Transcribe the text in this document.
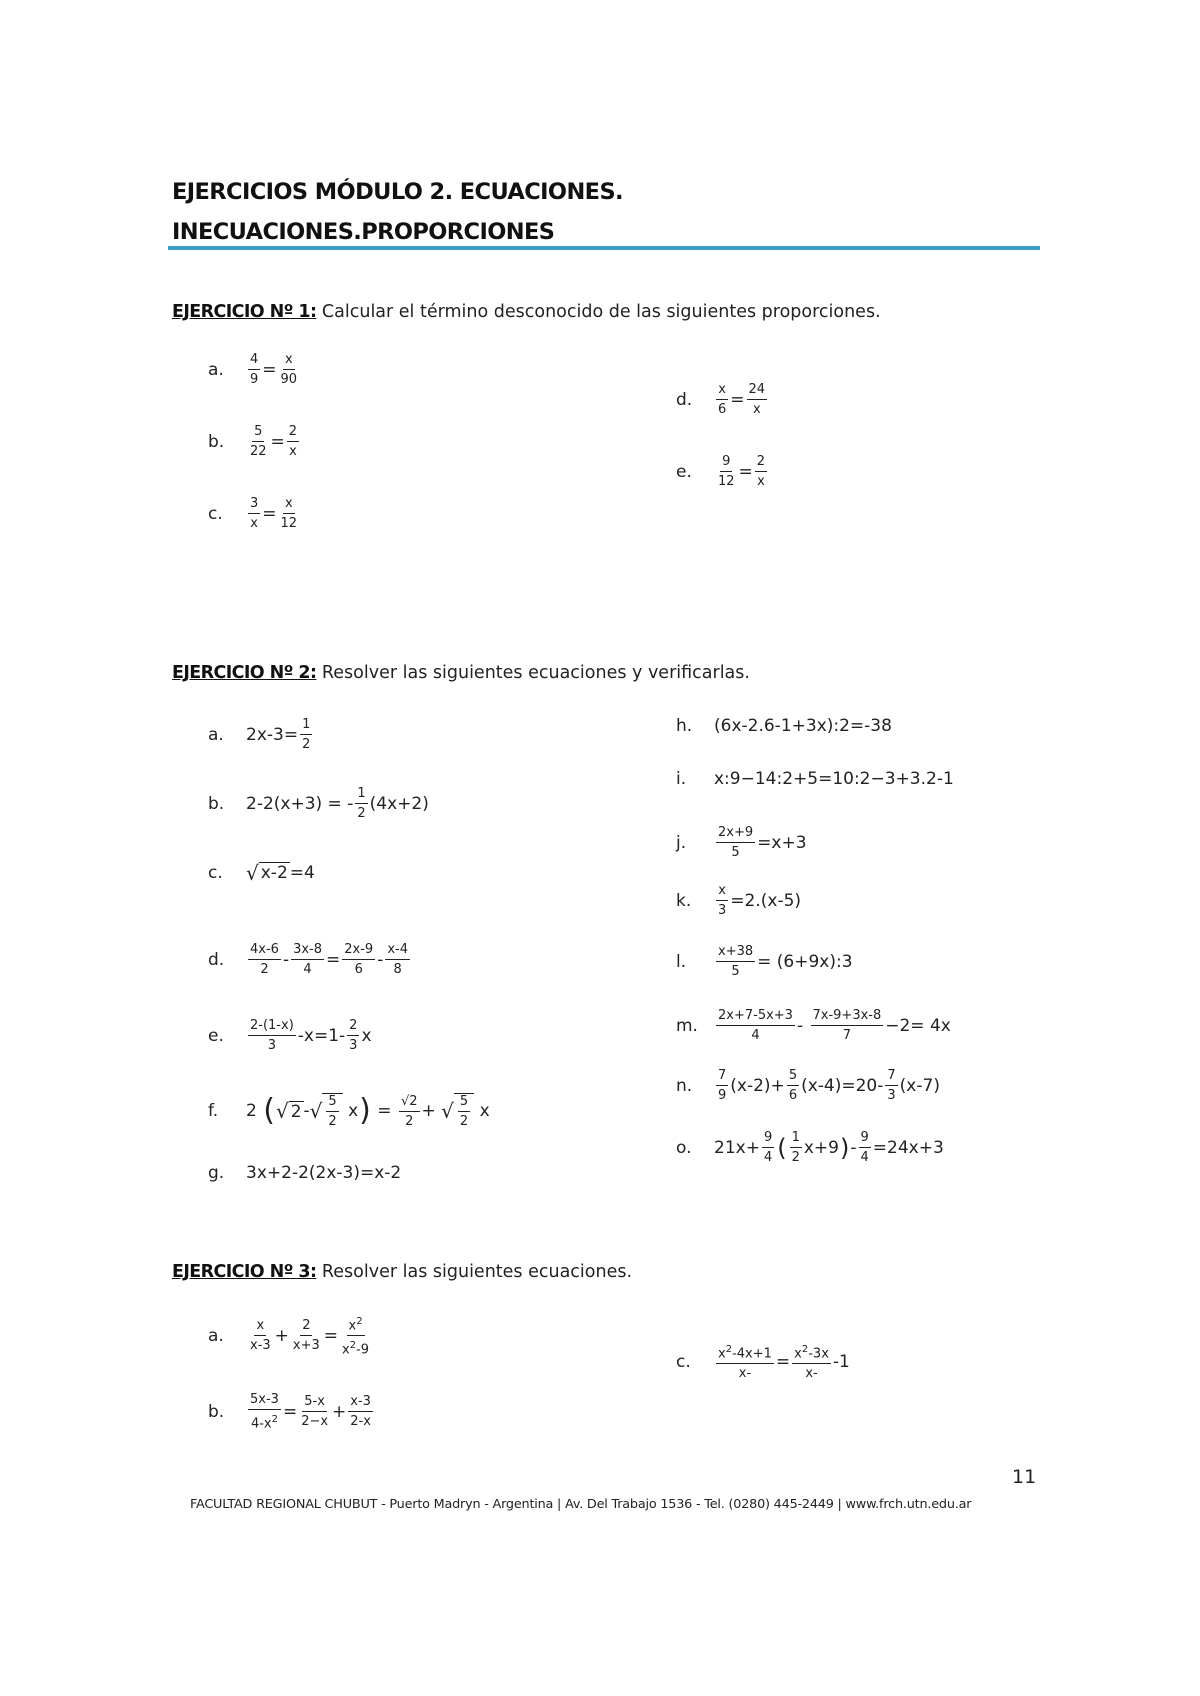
EJERCICIOS MÓDULO 2. ECUACIONES.
INECUACIONES.PROPORCIONES
EJERCICIO Nº 1: Calcular el término desconocido de las siguientes proporciones.
a.	$\frac{4}{9} = \frac{x}{90}$
b.	$\frac{5}{22} = \frac{2}{x}$
c.	$\frac{3}{x} = \frac{x}{12}$
d.	$\frac{x}{6} = \frac{24}{x}$
e.	$\frac{9}{12} = \frac{2}{x}$
EJERCICIO Nº 2: Resolver las siguientes ecuaciones y verificarlas.
a.	$2x-3= \frac{1}{2}$
b.	2-2(x+3) = - $\frac{1}{2} (4x+2)$
c.	√ x-2 =4
d.	$\frac{4x-6}{2} - \frac{3x-8}{4} = \frac{2x-9}{6} - \frac{x-4}{8}$
e.	$\frac{2-(1-x)}{3} -x=1- \frac{2}{3}$ x
f.	2
( √ 2 - √ $\frac{5}{2}$
x )
=
$\frac{√2}{2}$ +
√ $\frac{5}{2}$
x
g.	3x+2-2(2x-3)=x-2
h.	(6x-2.6-1+3x):2=-38
i.	x:9−14:2+5=10:2−3+3.2-1
j.	$\frac{2x+9}{5} =x+3$
k.	$\frac{x}{3} =2.(x-5)$
l.	$\frac{x+38}{5}$ = (6+9x):3
m.	$\frac{2x+7-5x+3}{4}$ -
$\frac{7x-9+3x-8}{7} -2= 4x$
n.	$\frac{7}{9} (x-2)+ \frac{5}{6} (x-4)=20- \frac{7}{3} (x-7)$
o.	$21x+ \frac{9}{4}$ ( $\frac{1}{2} x+9$ ) - $\frac{9}{4} =24x+3$
EJERCICIO Nº 3: Resolver las siguientes ecuaciones.
a.	$\frac{x}{x-3} + \frac{2}{x+3} = \frac{x^2}{x^2-9}$
b.	$\frac{5x-3}{4-x^2} = \frac{5-x}{2-x} + \frac{x-3}{2-x}$
c.	$\frac{x^2-4x+1}{x-} = \frac{x^2-3x}{x-} -1$
11
FACULTAD REGIONAL CHUBUT - Puerto Madryn - Argentina | Av. Del Trabajo 1536 - Tel. (0280) 445-2449 | www.frch.utn.edu.ar
